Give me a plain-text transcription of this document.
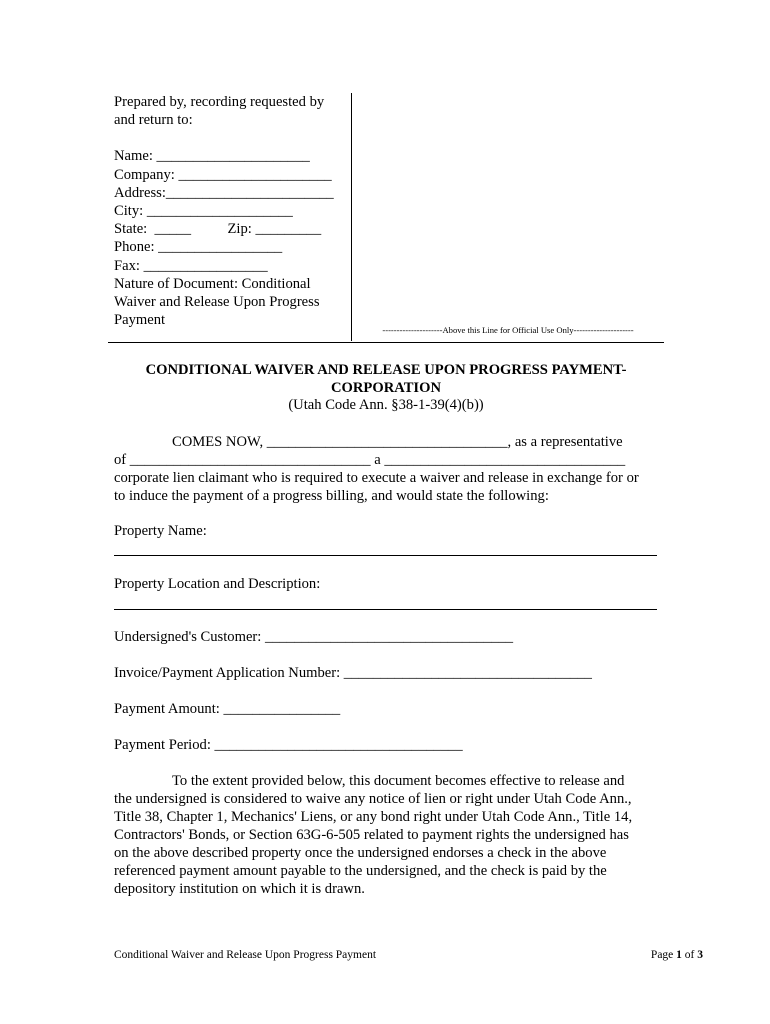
Prepared by, recording requested by
and return to:
Name: _____________________
Company: _____________________
Address:_______________________
City: ____________________
State:  _____          Zip: _________
Phone: _________________
Fax: _________________
Nature of Document: Conditional
Waiver and Release Upon Progress
Payment
---------------------Above this Line for Official Use Only---------------------
CONDITIONAL WAIVER AND RELEASE UPON PROGRESS PAYMENT-
CORPORATION
(Utah Code Ann. §38-1-39(4)(b))
COMES NOW, _________________________________, as a representative
of _________________________________ a _________________________________
corporate lien claimant who is required to execute a waiver and release in exchange for or
to induce the payment of a progress billing, and would state the following:
Property Name:
Property Location and Description:
Undersigned's Customer: __________________________________
Invoice/Payment Application Number: __________________________________
Payment Amount: ________________
Payment Period: __________________________________
To the extent provided below, this document becomes effective to release and
the undersigned is considered to waive any notice of lien or right under Utah Code Ann.,
Title 38, Chapter 1, Mechanics' Liens, or any bond right under Utah Code Ann., Title 14,
Contractors' Bonds, or Section 63G-6-505 related to payment rights the undersigned has
on the above described property once the undersigned endorses a check in the above
referenced payment amount payable to the undersigned, and the check is paid by the
depository institution on which it is drawn.
Conditional Waiver and Release Upon Progress Payment	Page 1 of 3
